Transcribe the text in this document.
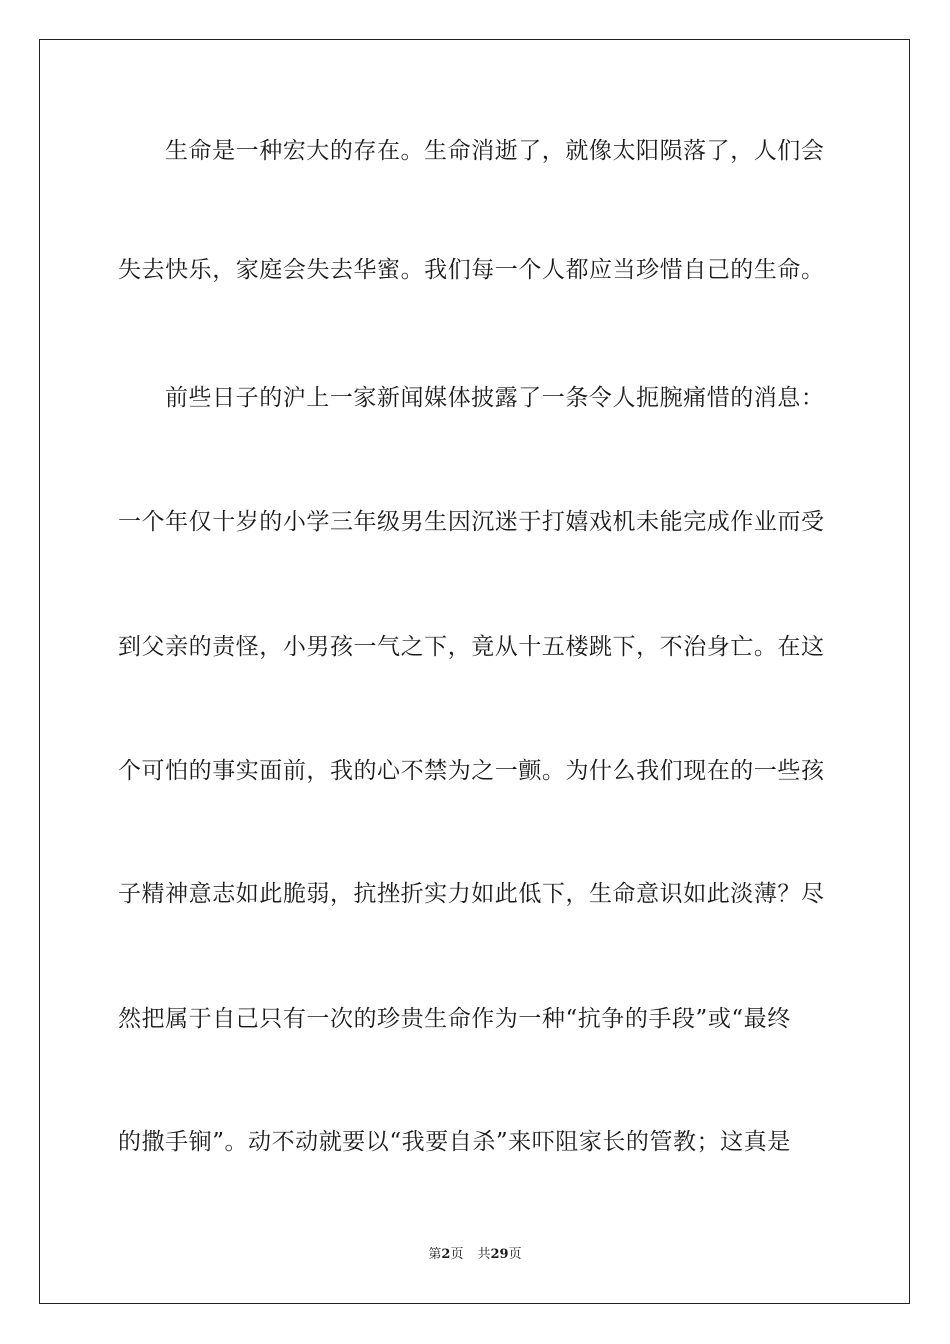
生命是一种宏大的存在。生命消逝了，就像太阳陨落了，人们会
失去快乐，家庭会失去华蜜。我们每一个人都应当珍惜自己的生命。
前些日子的沪上一家新闻媒体披露了一条令人扼腕痛惜的消息：
一个年仅十岁的小学三年级男生因沉迷于打嬉戏机未能完成作业而受
到父亲的责怪，小男孩一气之下，竟从十五楼跳下，不治身亡。在这
个可怕的事实面前，我的心不禁为之一颤。为什么我们现在的一些孩
子精神意志如此脆弱，抗挫折实力如此低下，生命意识如此淡薄？尽
然把属于自己只有一次的珍贵生命作为一种“抗争的手段”或“最终
的撒手锏”。动不动就要以“我要自杀”来吓阻家长的管教；这真是
第2页 共29页
